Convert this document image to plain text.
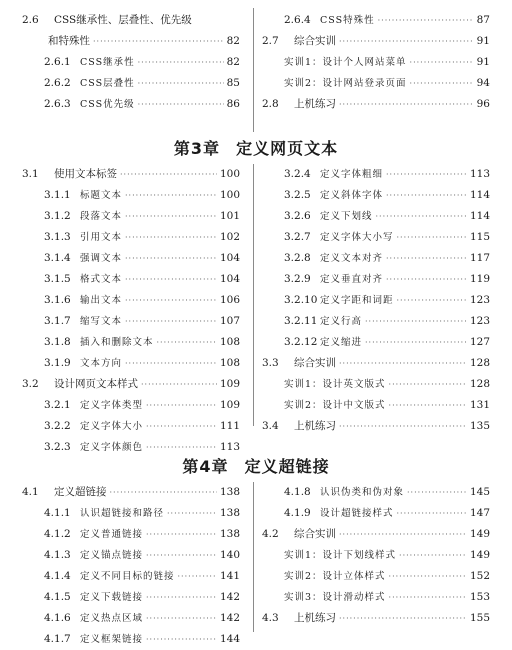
第3章 定义网页文本
第4章 定义超链接
2.6	CSS继承性、层叠性、优先级
和特殊性 ·····	82
2.6.1 CSS继承性 ·····	82
2.6.2 CSS层叠性 ·····	85
2.6.3 CSS优先级 ·····	86
2.6.4 CSS特殊性 ·····	87
2.7	综合实训 ·····	91
实训1：设计个人网站菜单 ·····	91
实训2：设计网站登录页面 ·····	94
2.8	上机练习 ·····	96
3.1	使用文本标签 ·····	100
3.1.1 标题文本 ·····	100
3.1.2 段落文本 ·····	101
3.1.3 引用文本 ·····	102
3.1.4 强调文本 ·····	104
3.1.5 格式文本 ·····	104
3.1.6 输出文本 ·····	106
3.1.7 缩写文本 ·····	107
3.1.8 插入和删除文本 ·····	108
3.1.9 文本方向 ·····	108
3.2	设计网页文本样式 ·····	109
3.2.1 定义字体类型 ·····	109
3.2.2 定义字体大小 ·····	111
3.2.3 定义字体颜色 ·····	113
3.2.4 定义字体粗细 ·····	113
3.2.5 定义斜体字体 ·····	114
3.2.6 定义下划线 ·····	114
3.2.7 定义字体大小写 ·····	115
3.2.8 定义文本对齐 ·····	117
3.2.9 定义垂直对齐 ·····	119
3.2.10 定义字距和词距 ·····	123
3.2.11 定义行高 ·····	123
3.2.12 定义缩进 ·····	127
3.3	综合实训 ·····	128
实训1：设计英文版式 ·····	128
实训2：设计中文版式 ·····	131
3.4	上机练习 ·····	135
4.1	定义超链接 ·····	138
4.1.1 认识超链接和路径 ·····	138
4.1.2 定义普通链接 ·····	138
4.1.3 定义锚点链接 ·····	140
4.1.4 定义不同目标的链接 ·····	141
4.1.5 定义下载链接 ·····	142
4.1.6 定义热点区域 ·····	142
4.1.7 定义框架链接 ·····	144
4.1.8 认识伪类和伪对象 ·····	145
4.1.9 设计超链接样式 ·····	147
4.2	综合实训 ·····	149
实训1：设计下划线样式 ·····	149
实训2：设计立体样式 ·····	152
实训3：设计滑动样式 ·····	153
4.3	上机练习 ·····	155
